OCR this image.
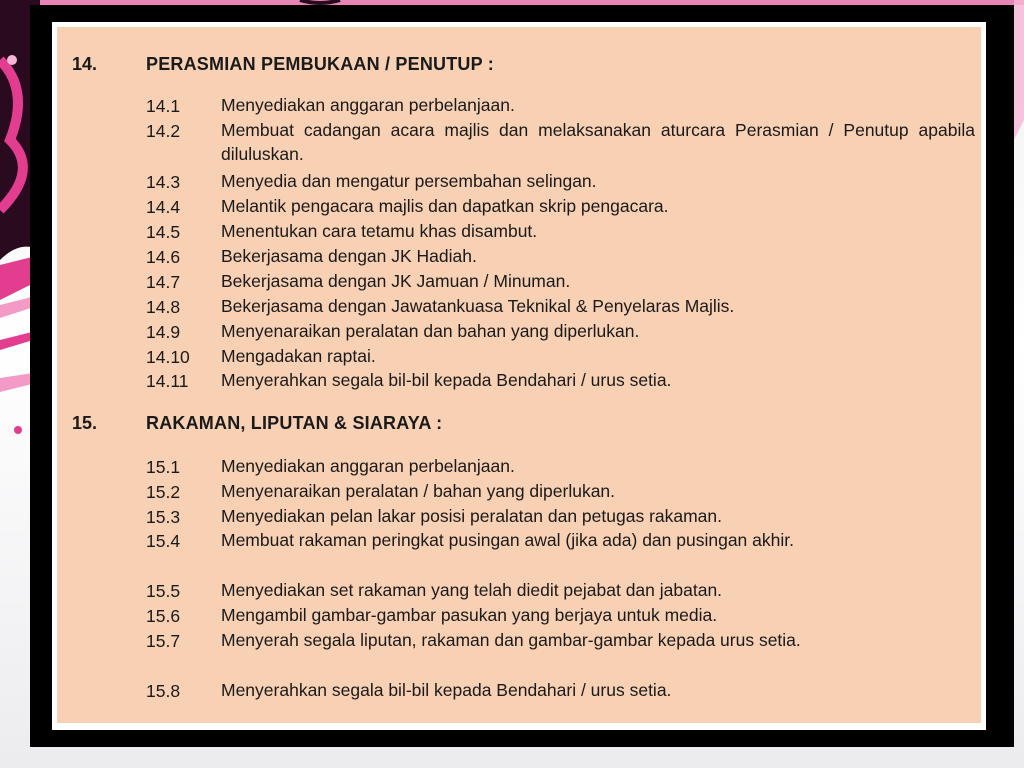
14.	PERASMIAN PEMBUKAAN / PENUTUP :
14.1 Menyediakan anggaran perbelanjaan.
14.2 Membuat cadangan acara majlis dan melaksanakan aturcara Perasmian / Penutup apabila diluluskan.
14.3 Menyedia dan mengatur persembahan selingan.
14.4 Melantik pengacara majlis dan dapatkan skrip pengacara.
14.5 Menentukan cara tetamu khas disambut.
14.6 Bekerjasama dengan JK Hadiah.
14.7 Bekerjasama dengan JK Jamuan / Minuman.
14.8 Bekerjasama dengan Jawatankuasa Teknikal & Penyelaras Majlis.
14.9 Menyenaraikan peralatan dan bahan yang diperlukan.
14.10 Mengadakan raptai.
14.11 Menyerahkan segala bil-bil kepada Bendahari / urus setia.
15.	RAKAMAN, LIPUTAN & SIARAYA :
15.1 Menyediakan anggaran perbelanjaan.
15.2 Menyenaraikan peralatan / bahan yang diperlukan.
15.3 Menyediakan pelan lakar posisi peralatan dan petugas rakaman.
15.4 Membuat rakaman peringkat pusingan awal (jika ada) dan pusingan akhir.
15.5 Menyediakan set rakaman yang telah diedit pejabat dan jabatan.
15.6 Mengambil gambar-gambar pasukan yang berjaya untuk media.
15.7 Menyerah segala liputan, rakaman dan gambar-gambar kepada urus setia.
15.8 Menyerahkan segala bil-bil kepada Bendahari / urus setia.
